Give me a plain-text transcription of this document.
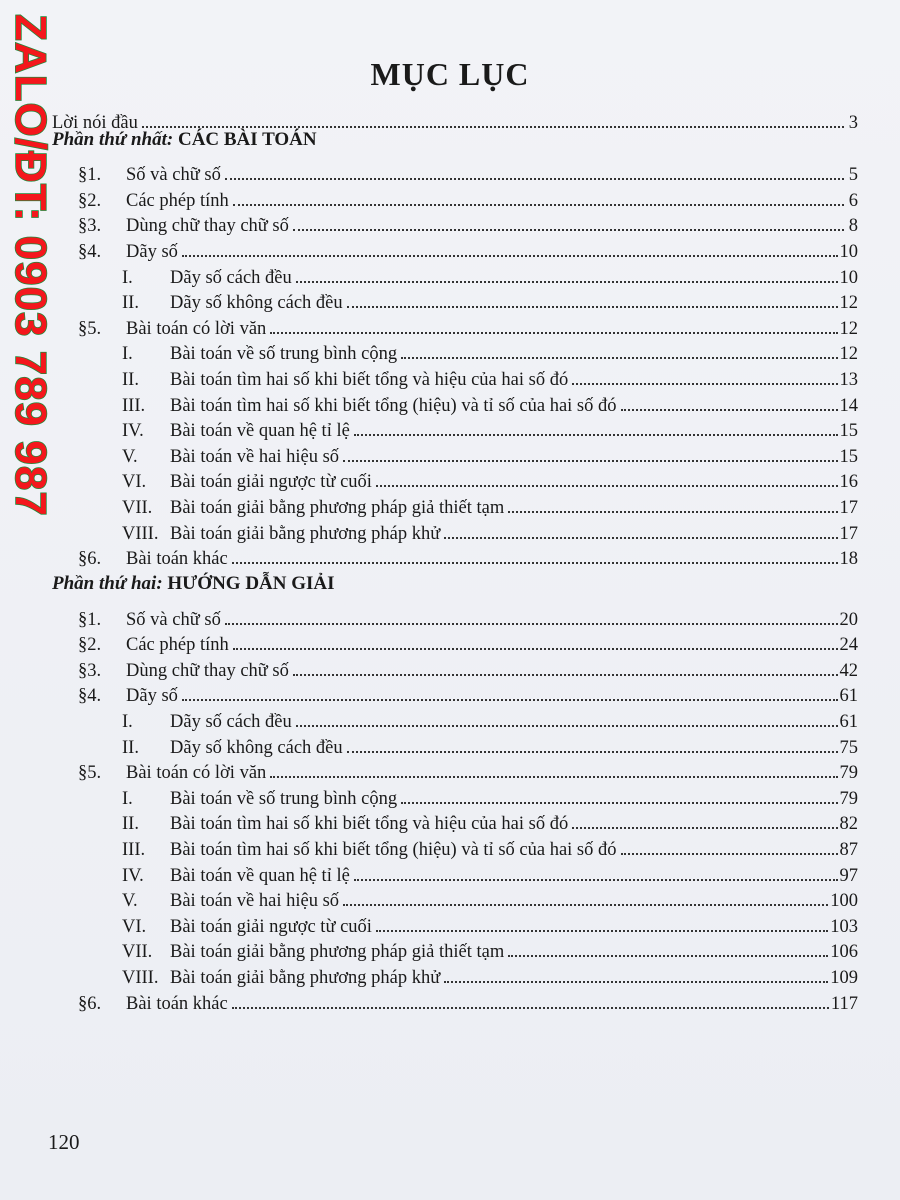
ZALO/ĐT: 0903 789 987	MỤC LỤC
Lời nói đầu	3
Phần thứ nhất: CÁC BÀI TOÁN
§1.	Số và chữ số	5
§2.	Các phép tính	6
§3.	Dùng chữ thay chữ số	8
§4.	Dãy số	10
I.	Dãy số cách đều	10
II.	Dãy số không cách đều	12
§5.	Bài toán có lời văn	12
I.	Bài toán về số trung bình cộng	12
II.	Bài toán tìm hai số khi biết tổng và hiệu của hai số đó	13
III.	Bài toán tìm hai số khi biết tổng (hiệu) và tỉ số của hai số đó	14
IV.	Bài toán về quan hệ tỉ lệ	15
V.	Bài toán về hai hiệu số	15
VI.	Bài toán giải ngược từ cuối	16
VII. Bài toán giải bằng phương pháp giả thiết tạm	17
VIII. Bài toán giải bằng phương pháp khử	17
§6.	Bài toán khác	18
Phần thứ hai: HƯỚNG DẪN GIẢI
§1.	Số và chữ số	20
§2.	Các phép tính	24
§3.	Dùng chữ thay chữ số	42
§4.	Dãy số	61
I.	Dãy số cách đều	61
II.	Dãy số không cách đều	75
§5.	Bài toán có lời văn	79
I.	Bài toán về số trung bình cộng	79
II.	Bài toán tìm hai số khi biết tổng và hiệu của hai số đó	82
III.	Bài toán tìm hai số khi biết tổng (hiệu) và tỉ số của hai số đó	87
IV.	Bài toán về quan hệ tỉ lệ	97
V.	Bài toán về hai hiệu số	100
VI.	Bài toán giải ngược từ cuối	103
VII. Bài toán giải bằng phương pháp giả thiết tạm	106
VIII. Bài toán giải bằng phương pháp khử	109
§6.	Bài toán khác	117
120
